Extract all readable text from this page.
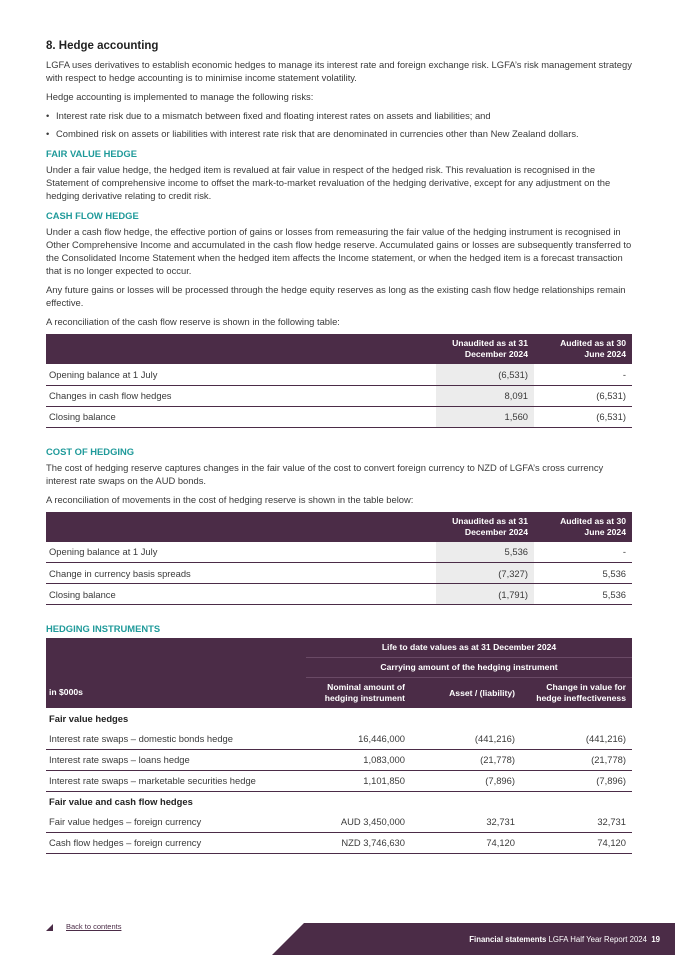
8. Hedge accounting

LGFA uses derivatives to establish economic hedges to manage its interest rate and foreign exchange risk. LGFA’s risk management strategy with respect to hedge accounting is to minimise income statement volatility.

Hedge accounting is implemented to manage the following risks:

• Interest rate risk due to a mismatch between fixed and floating interest rates on assets and liabilities; and
• Combined risk on assets or liabilities with interest rate risk that are denominated in currencies other than New Zealand dollars.
FAIR VALUE HEDGE

Under a fair value hedge, the hedged item is revalued at fair value in respect of the hedged risk. This revaluation is recognised in the Statement of comprehensive income to offset the mark-to-market revaluation of the hedging derivative, except for any adjustment on the hedging derivative relating to credit risk.

CASH FLOW HEDGE

Under a cash flow hedge, the effective portion of gains or losses from remeasuring the fair value of the hedging instrument is recognised in Other Comprehensive Income and accumulated in the cash flow hedge reserve. Accumulated gains or losses are subsequently transferred to the Consolidated Income Statement when the hedged item affects the Income statement, or when the hedged item is a forecast transaction that is no longer expected to occur.

Any future gains or losses will be processed through the hedge equity reserves as long as the existing cash flow hedge relationships remain effective.

A reconciliation of the cash flow reserve is shown in the following table:

	Unaudited as at 31 December 2024	Audited as at 30 June 2024
Opening balance at 1 July	(6,531)	-
Changes in cash flow hedges	8,091	(6,531)
Closing balance	1,560	(6,531)
COST OF HEDGING

The cost of hedging reserve captures changes in the fair value of the cost to convert foreign currency to NZD of LGFA’s cross currency interest rate swaps on the AUD bonds.

A reconciliation of movements in the cost of hedging reserve is shown in the table below:

	Unaudited as at 31 December 2024	Audited as at 30 June 2024
Opening balance at 1 July	5,536	-
Change in currency basis spreads	(7,327)	5,536
Closing balance	(1,791)	5,536
HEDGING INSTRUMENTS
	Life to date values as at 31 December 2024		
	Carrying amount of the hedging instrument		
in $000s	Nominal amount of hedging instrument	Asset / (liability)	Change in value for hedge ineffectiveness
Fair value hedges			
Interest rate swaps – domestic bonds hedge	16,446,000	(441,216)	(441,216)
Interest rate swaps – loans hedge	1,083,000	(21,778)	(21,778)
Interest rate swaps – marketable securities hedge	1,101,850	(7,896)	(7,896)
Fair value and cash flow hedges			
Fair value hedges – foreign currency	AUD 3,450,000	32,731	32,731
Cash flow hedges – foreign currency	NZD 3,746,630	74,120	74,120
Back to contents
Financial statements LGFA Half Year Report 2024 19
